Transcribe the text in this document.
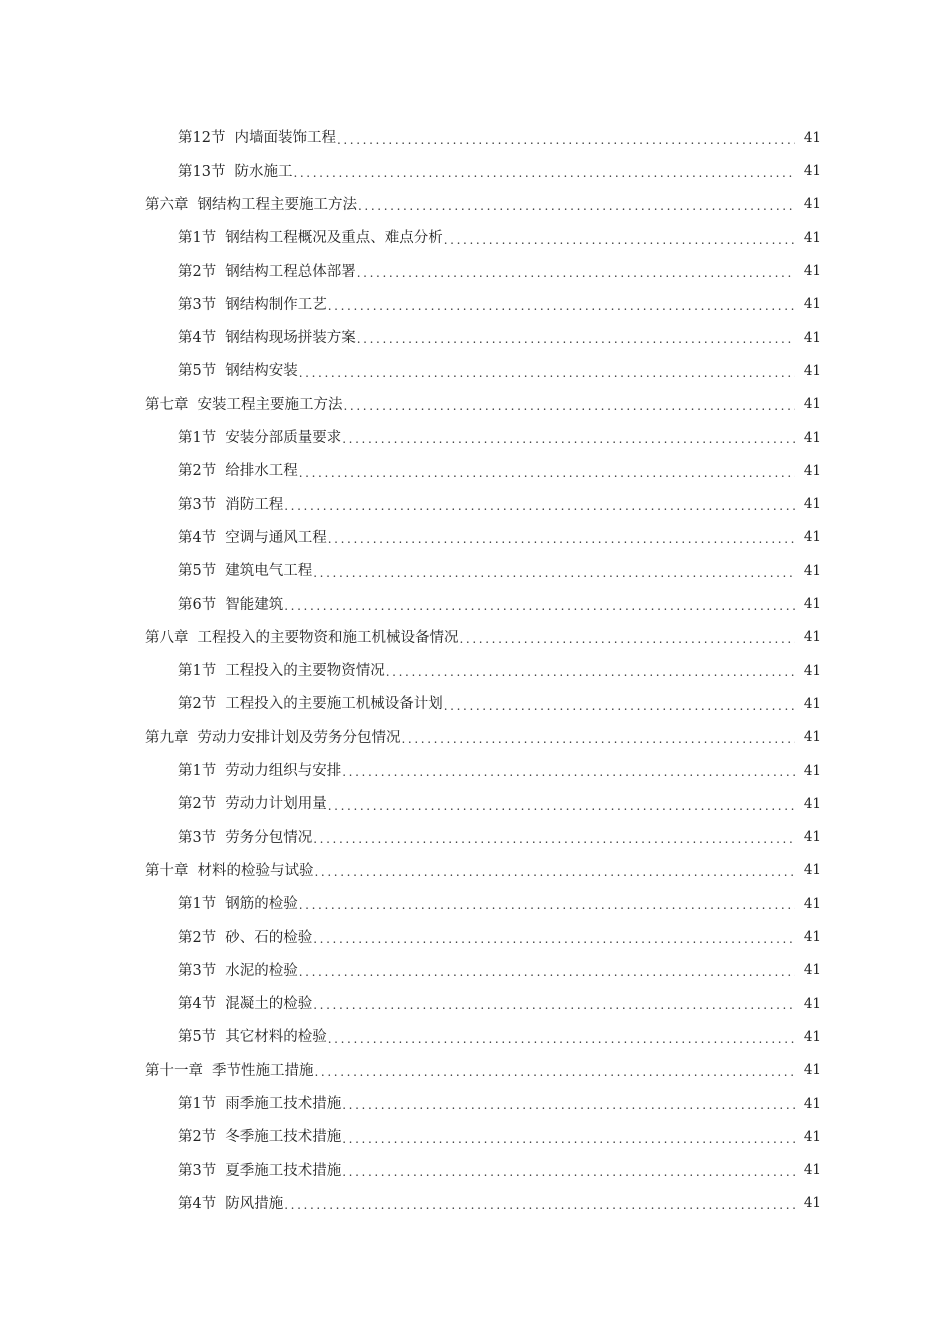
第12节 内墙面装饰工程 . . .	41
第13节 防水施工 . . .	41
第六章 钢结构工程主要施工方法 . . .	41
第1节 钢结构工程概况及重点、难点分析 . . .	41
第2节 钢结构工程总体部署 . . .	41
第3节 钢结构制作工艺 . . .	41
第4节 钢结构现场拼装方案 . . .	41
第5节 钢结构安装 . . .	41
第七章 安装工程主要施工方法 . . .	41
第1节 安装分部质量要求 . . .	41
第2节 给排水工程 . . .	41
第3节 消防工程 . . .	41
第4节 空调与通风工程 . . .	41
第5节 建筑电气工程 . . .	41
第6节 智能建筑 . . .	41
第八章 工程投入的主要物资和施工机械设备情况 . . .	41
第1节 工程投入的主要物资情况 . . .	41
第2节 工程投入的主要施工机械设备计划 . . .	41
第九章 劳动力安排计划及劳务分包情况 . . .	41
第1节 劳动力组织与安排 . . .	41
第2节 劳动力计划用量 . . .	41
第3节 劳务分包情况 . . .	41
第十章 材料的检验与试验 . . .	41
第1节 钢筋的检验 . . .	41
第2节 砂、石的检验 . . .	41
第3节 水泥的检验 . . .	41
第4节 混凝土的检验 . . .	41
第5节 其它材料的检验 . . .	41
第十一章 季节性施工措施 . . .	41
第1节 雨季施工技术措施 . . .	41
第2节 冬季施工技术措施 . . .	41
第3节 夏季施工技术措施 . . .	41
第4节 防风措施 . . .	41
